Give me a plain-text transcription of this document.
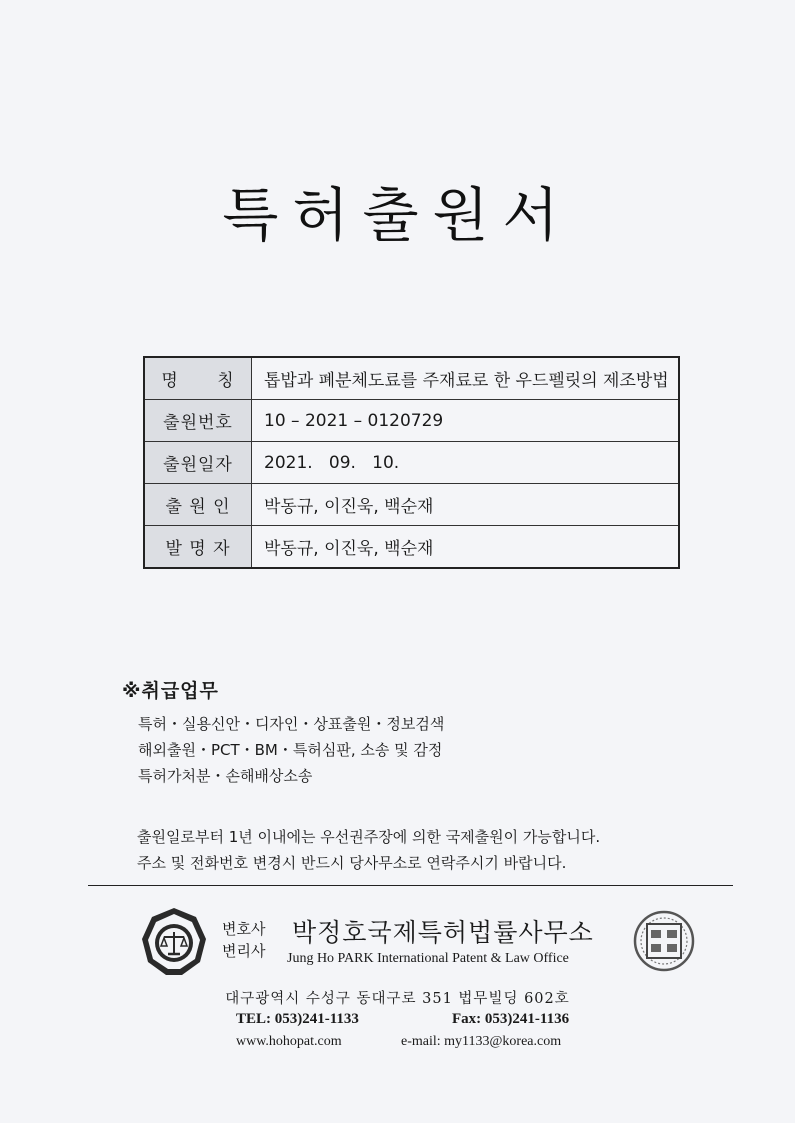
특허출원서
명      칭	톱밥과 폐분체도료를 주재료로 한 우드펠릿의 제조방법
출원번호	10 – 2021 – 0120729
출원일자	2021.   09.   10.
출 원 인	박동규, 이진욱, 백순재
발 명 자	박동규, 이진욱, 백순재
※취급업무
특허・실용신안・디자인・상표출원・정보검색
해외출원・PCT・BM・특허심판, 소송 및 감정
특허가처분・손해배상소송
출원일로부터 1년 이내에는 우선권주장에 의한 국제출원이 가능합니다.
주소 및 전화번호 변경시 반드시 당사무소로 연락주시기 바랍니다.
변호사
변리사
박정호국제특허법률사무소
Jung Ho PARK International Patent & Law Office
대구광역시 수성구 동대구로 351 법무빌딩 602호
TEL: 053)241-1133	Fax: 053)241-1136
www.hohopat.com	e-mail: my1133@korea.com
